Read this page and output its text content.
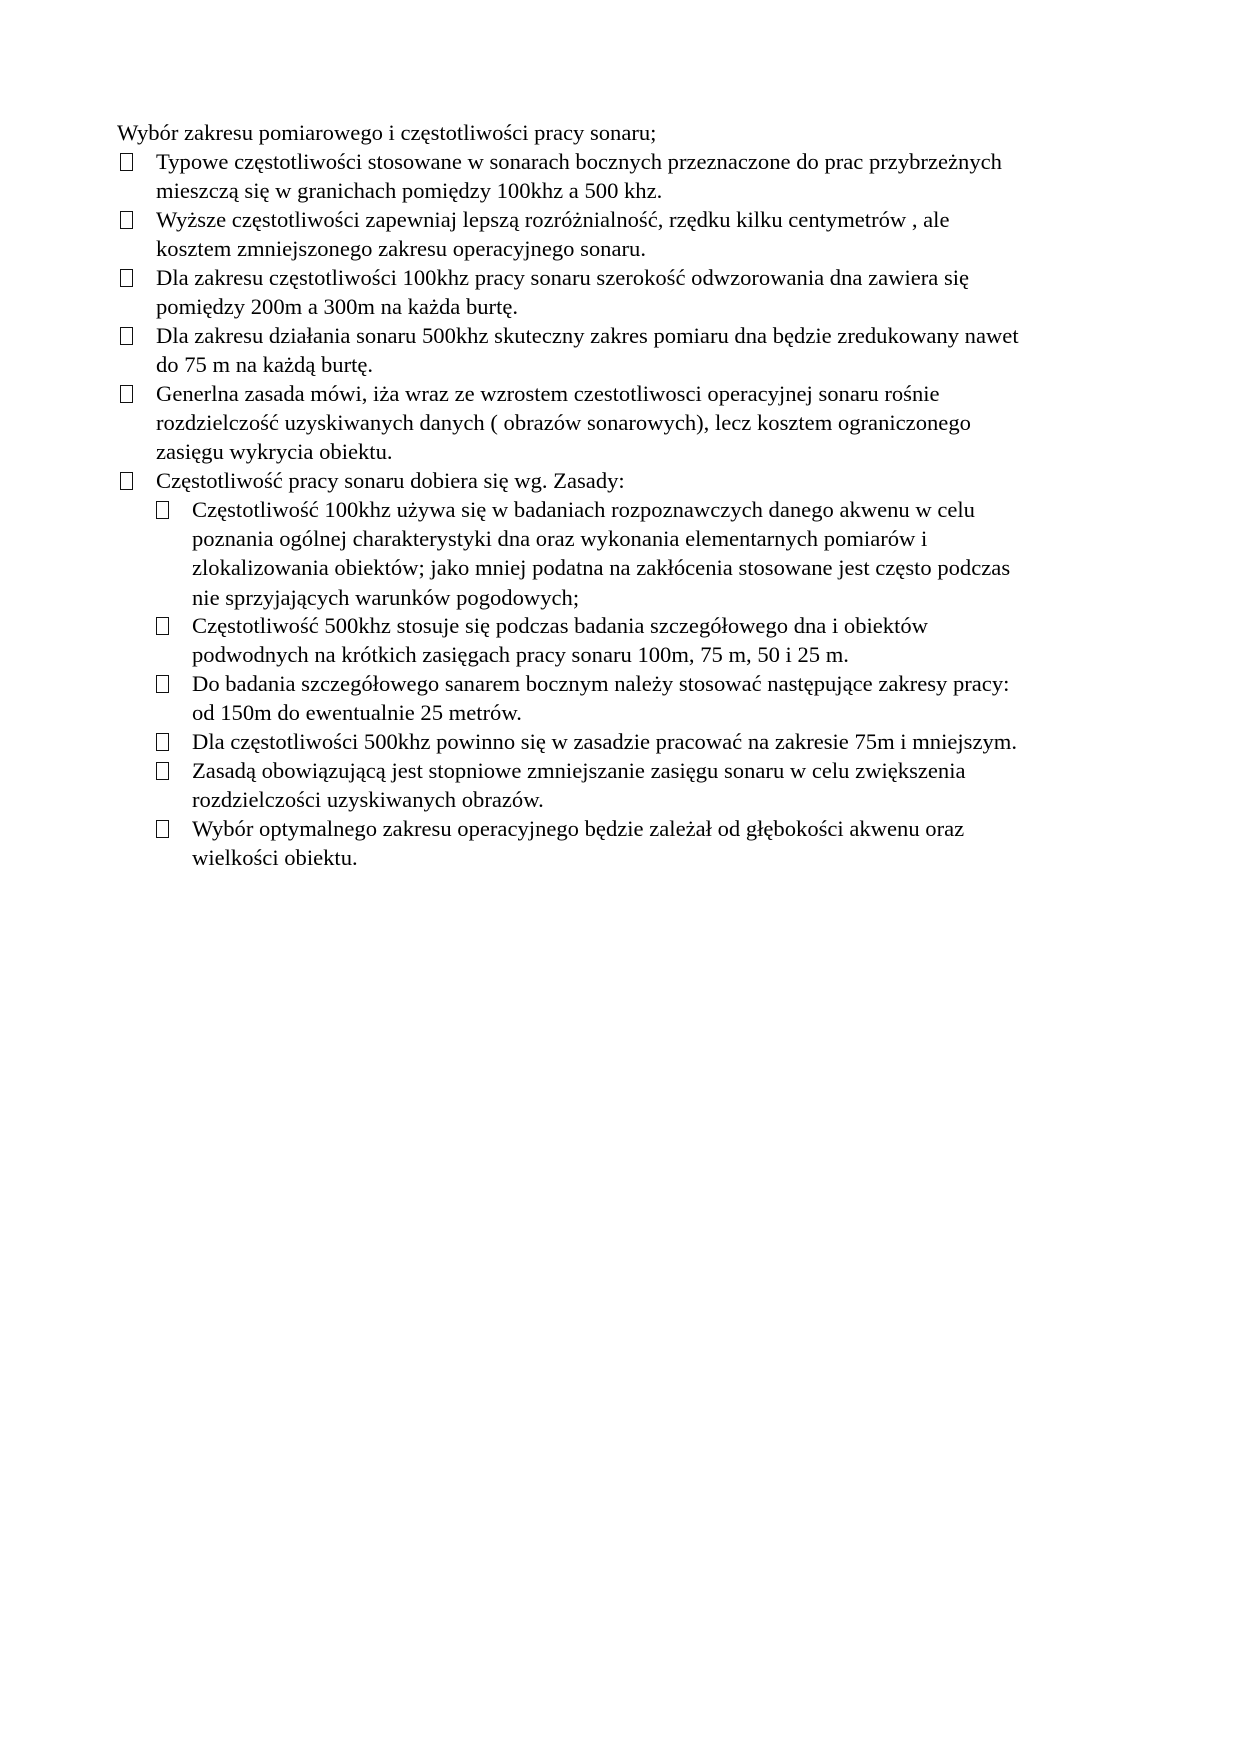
Wybór zakresu pomiarowego i częstotliwości pracy sonaru;
Typowe częstotliwości stosowane w sonarach bocznych przeznaczone do prac przybrzeżnych
mieszczą się w granichach pomiędzy 100khz a 500 khz.
Wyższe częstotliwości zapewniaj lepszą rozróżnialność, rzędku kilku centymetrów , ale
kosztem zmniejszonego zakresu operacyjnego sonaru.
Dla zakresu częstotliwości 100khz pracy sonaru szerokość odwzorowania dna zawiera się
pomiędzy 200m a 300m na każda burtę.
Dla zakresu działania sonaru 500khz skuteczny zakres pomiaru dna będzie zredukowany nawet
do 75 m na każdą burtę.
Generlna zasada mówi, iża wraz ze wzrostem czestotliwosci operacyjnej sonaru rośnie
rozdzielczość uzyskiwanych danych ( obrazów sonarowych), lecz kosztem ograniczonego
zasięgu wykrycia obiektu.
Częstotliwość pracy sonaru dobiera się wg. Zasady:
Częstotliwość 100khz używa się w badaniach rozpoznawczych danego akwenu w celu
poznania ogólnej charakterystyki dna oraz wykonania elementarnych pomiarów i
zlokalizowania obiektów; jako mniej podatna na zakłócenia stosowane jest często podczas
nie sprzyjających warunków pogodowych;
Częstotliwość 500khz stosuje się podczas badania szczegółowego dna i obiektów
podwodnych na krótkich zasięgach pracy sonaru 100m, 75 m, 50 i 25 m.
Do badania szczegółowego sanarem bocznym należy stosować następujące zakresy pracy:
od 150m do ewentualnie 25 metrów.
Dla częstotliwości 500khz powinno się w zasadzie pracować na zakresie 75m i mniejszym.
Zasadą obowiązującą jest stopniowe zmniejszanie zasięgu sonaru w celu zwiększenia
rozdzielczości uzyskiwanych obrazów.
Wybór optymalnego zakresu operacyjnego będzie zależał od głębokości akwenu oraz
wielkości obiektu.
